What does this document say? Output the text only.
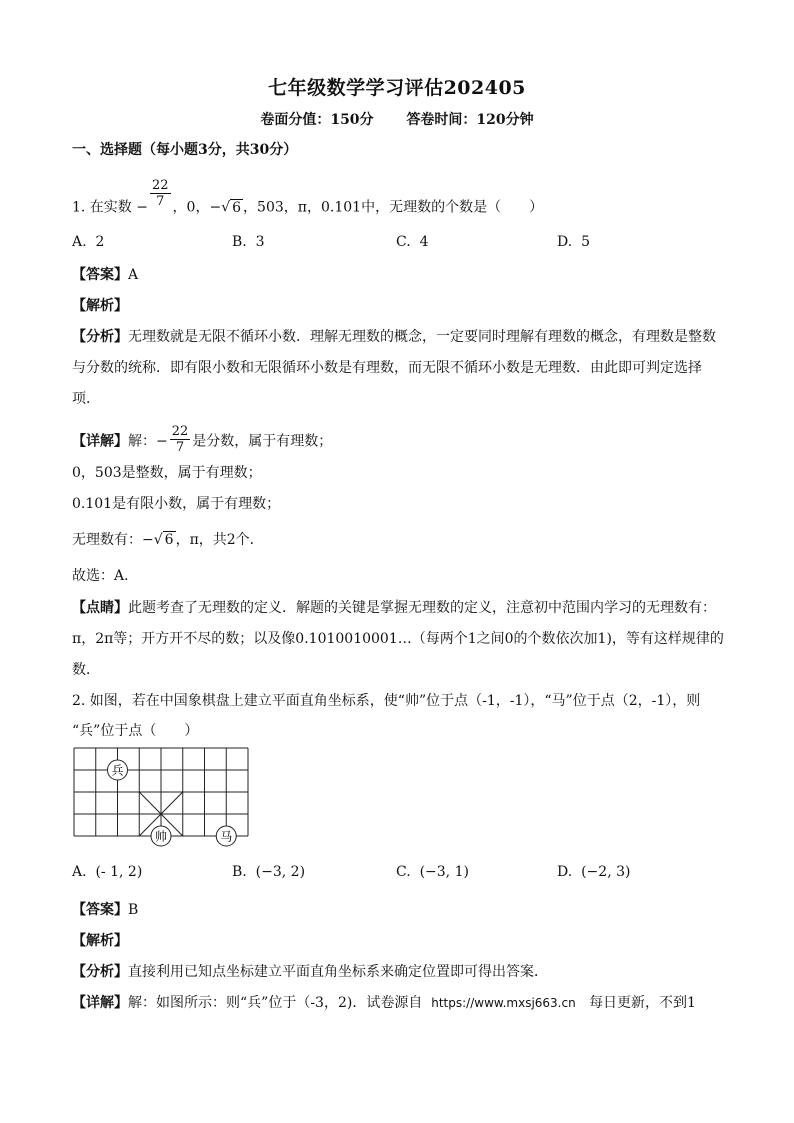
七年级数学学习评估202405
卷面分值：150分 答卷时间：120分钟
一、选择题（每小题3分，共30分）
1. 在实数 − $\frac{22}{7}$ ，0，−√ 6 ，503，π，0.101中，无理数的个数是（　　）
A. 2	B. 3	C. 4	D. 5
【答案】A
【解析】
【分析】无理数就是无限不循环小数．理解无理数的概念，一定要同时理解有理数的概念，有理数是整数
与分数的统称．即有限小数和无限循环小数是有理数，而无限不循环小数是无理数．由此即可判定选择
项．
【详解】解：− $\frac{22}{7}$ 是分数，属于有理数；
0，503是整数，属于有理数；
0.101是有限小数，属于有理数；
无理数有：−√ 6 ，π，共2个．
故选：A．
【点睛】此题考查了无理数的定义．解题的关键是掌握无理数的定义，注意初中范围内学习的无理数有：
π，2π等；开方开不尽的数；以及像0.1010010001…（每两个1之间0的个数依次加1)，等有这样规律的
数．
2. 如图，若在中国象棋盘上建立平面直角坐标系，使“帅”位于点（-1，-1），“马”位于点（2，-1），则
“兵”位于点（　　）
兵
帅	马
A. (- 1, 2)	B. (−3, 2)	C. (−3, 1)	D. (−2, 3)
【答案】B
【解析】
【分析】直接利用已知点坐标建立平面直角坐标系来确定位置即可得出答案．
【详解】解：如图所示：则“兵”位于（-3，2)．试卷源自 https://www.mxsj663.cn 每日更新，不到1
